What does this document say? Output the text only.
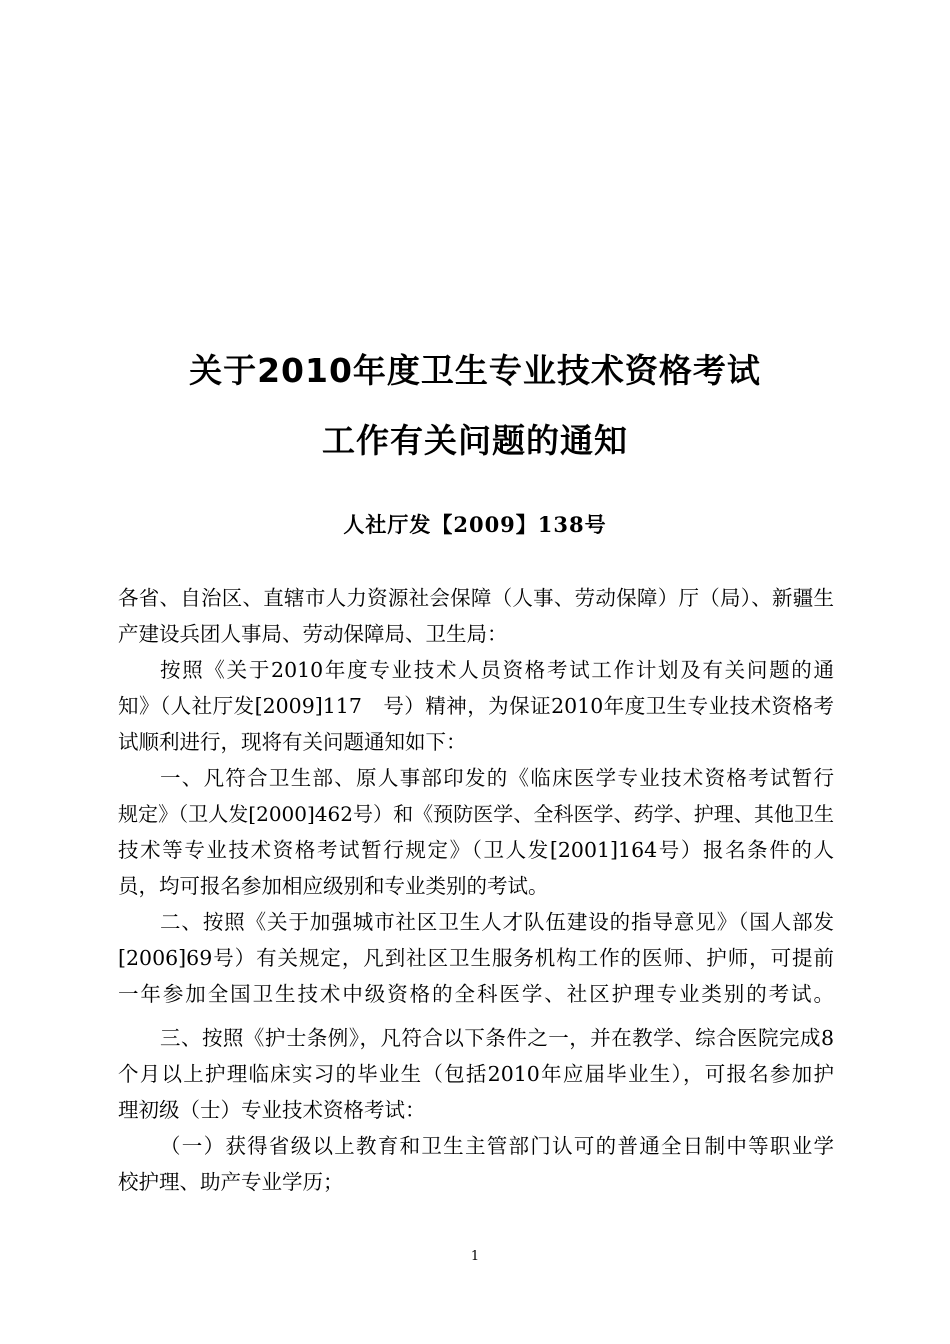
关于2010年度卫生专业技术资格考试
工作有关问题的通知
人社厅发【2009】138号
各省、自治区、直辖市人力资源社会保障（人事、劳动保障）厅（局）、新疆生
产建设兵团人事局、劳动保障局、卫生局：
按照《关于2010年度专业技术人员资格考试工作计划及有关问题的通
知》（人社厅发[2009]117　号）精神，为保证2010年度卫生专业技术资格考
试顺利进行，现将有关问题通知如下：
一、凡符合卫生部、原人事部印发的《临床医学专业技术资格考试暂行
规定》（卫人发[2000]462号）和《预防医学、全科医学、药学、护理、其他卫生
技术等专业技术资格考试暂行规定》（卫人发[2001]164号）报名条件的人
员，均可报名参加相应级别和专业类别的考试。
二、按照《关于加强城市社区卫生人才队伍建设的指导意见》（国人部发
[2006]69号）有关规定，凡到社区卫生服务机构工作的医师、护师，可提前
一年参加全国卫生技术中级资格的全科医学、社区护理专业类别的考试。
三、按照《护士条例》，凡符合以下条件之一，并在教学、综合医院完成8
个月以上护理临床实习的毕业生（包括2010年应届毕业生），可报名参加护
理初级（士）专业技术资格考试：
（一）获得省级以上教育和卫生主管部门认可的普通全日制中等职业学
校护理、助产专业学历；
1
